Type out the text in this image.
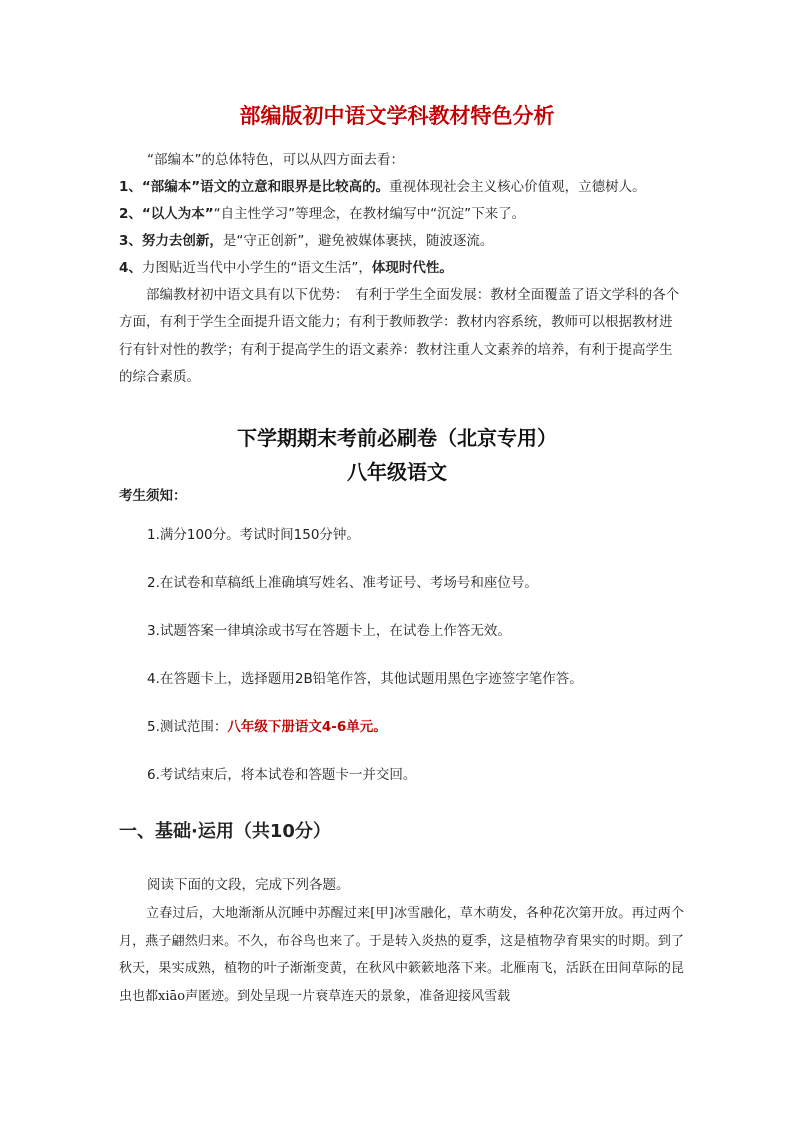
部编版初中语文学科教材特色分析
“部编本”的总体特色，可以从四方面去看：
1、“部编本”语文的立意和眼界是比较高的。重视体现社会主义核心价值观，立德树人。
2、“以人为本”“自主性学习”等理念，在教材编写中“沉淀”下来了。
3、努力去创新，是“守正创新”，避免被媒体裹挟，随波逐流。
4、力图贴近当代中小学生的“语文生活”，体现时代性。
部编教材初中语文具有以下优势：　有利于学生全面发展：教材全面覆盖了语文学科的各个方面，有利于学生全面提升语文能力；有利于教师教学：教材内容系统，教师可以根据教材进行有针对性的教学；有利于提高学生的语文素养：教材注重人文素养的培养，有利于提高学生的综合素质。
下学期期末考前必刷卷（北京专用）
八年级语文
考生须知：
1.满分100分。考试时间150分钟。
2.在试卷和草稿纸上准确填写姓名、准考证号、考场号和座位号。
3.试题答案一律填涂或书写在答题卡上，在试卷上作答无效。
4.在答题卡上，选择题用2B铅笔作答，其他试题用黑色字迹签字笔作答。
5.测试范围：八年级下册语文4-6单元。
6.考试结束后，将本试卷和答题卡一并交回。
一、基础·运用（共10分）
阅读下面的文段，完成下列各题。
立春过后，大地渐渐从沉睡中苏醒过来[甲]冰雪融化，草木萌发，各种花次第开放。再过两个月，燕子翩然归来。不久，布谷鸟也来了。于是转入炎热的夏季，这是植物孕育果实的时期。到了秋天，果实成熟，植物的叶子渐渐变黄，在秋风中簌簌地落下来。北雁南飞，活跃在田间草际的昆虫也都xiāo声匿迹。到处呈现一片衰草连天的景象，准备迎接风雪载
